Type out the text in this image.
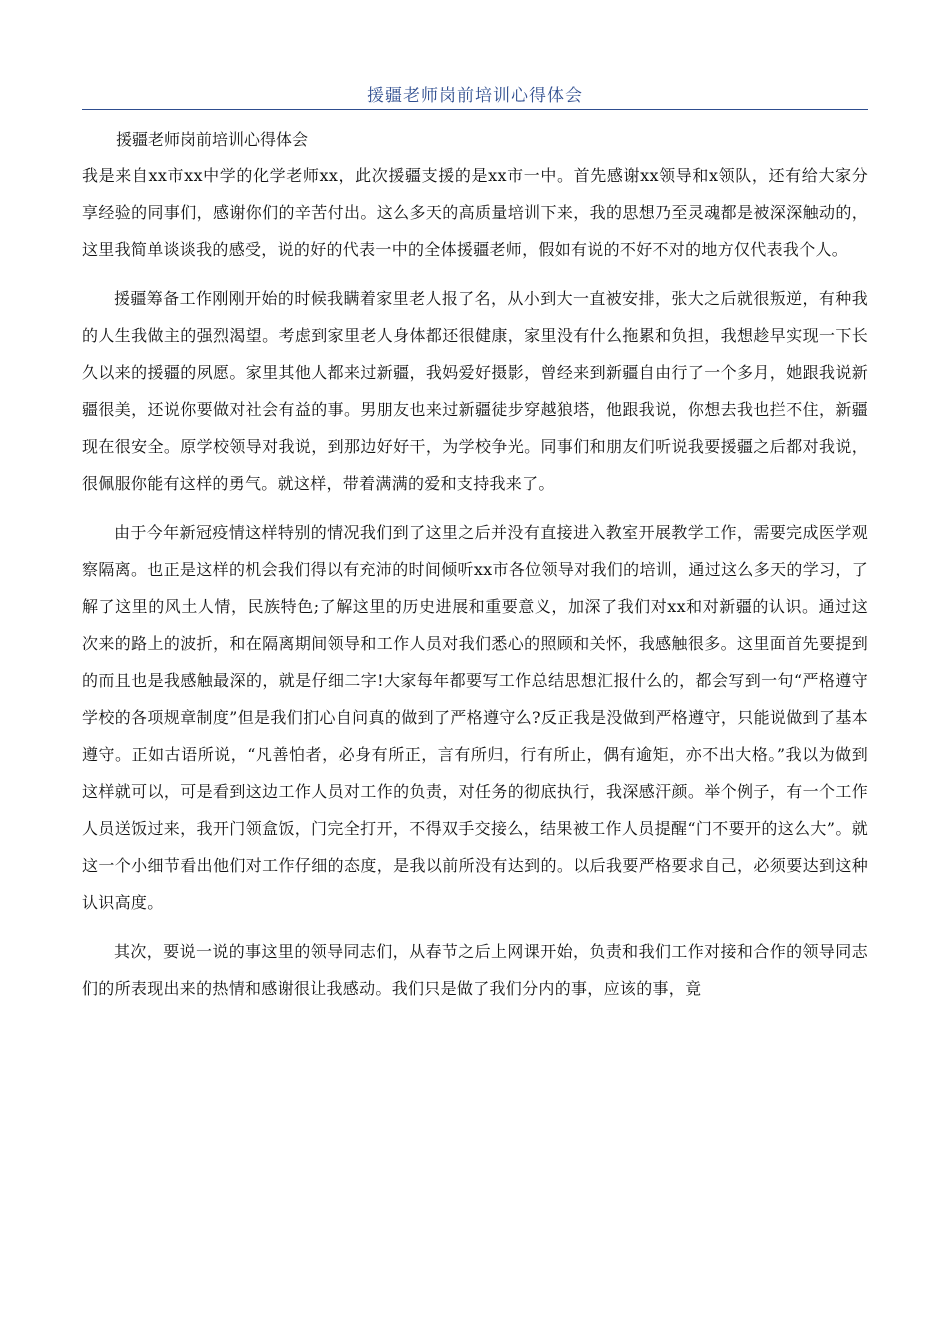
援疆老师岗前培训心得体会
援疆老师岗前培训心得体会

我是来自xx市xx中学的化学老师xx，此次援疆支援的是xx市一中。首先感谢xx领导和x领队，还有给大家分享经验的同事们，感谢你们的辛苦付出。这么多天的高质量培训下来，我的思想乃至灵魂都是被深深触动的，这里我简单谈谈我的感受，说的好的代表一中的全体援疆老师，假如有说的不好不对的地方仅代表我个人。

援疆筹备工作刚刚开始的时候我瞒着家里老人报了名，从小到大一直被安排，张大之后就很叛逆，有种我的人生我做主的强烈渴望。考虑到家里老人身体都还很健康，家里没有什么拖累和负担，我想趁早实现一下长久以来的援疆的夙愿。家里其他人都来过新疆，我妈爱好摄影，曾经来到新疆自由行了一个多月，她跟我说新疆很美，还说你要做对社会有益的事。男朋友也来过新疆徒步穿越狼塔，他跟我说，你想去我也拦不住，新疆现在很安全。原学校领导对我说，到那边好好干，为学校争光。同事们和朋友们听说我要援疆之后都对我说，很佩服你能有这样的勇气。就这样，带着满满的爱和支持我来了。

由于今年新冠疫情这样特别的情况我们到了这里之后并没有直接进入教室开展教学工作，需要完成医学观察隔离。也正是这样的机会我们得以有充沛的时间倾听xx市各位领导对我们的培训，通过这么多天的学习，了解了这里的风土人情，民族特色;了解这里的历史进展和重要意义，加深了我们对xx和对新疆的认识。通过这次来的路上的波折，和在隔离期间领导和工作人员对我们悉心的照顾和关怀，我感触很多。这里面首先要提到的而且也是我感触最深的，就是仔细二字!大家每年都要写工作总结思想汇报什么的，都会写到一句“严格遵守学校的各项规章制度”但是我们扪心自问真的做到了严格遵守么?反正我是没做到严格遵守，只能说做到了基本遵守。正如古语所说，“凡善怕者，必身有所正，言有所归，行有所止，偶有逾矩，亦不出大格。”我以为做到这样就可以，可是看到这边工作人员对工作的负责，对任务的彻底执行，我深感汗颜。举个例子，有一个工作人员送饭过来，我开门领盒饭，门完全打开，不得双手交接么，结果被工作人员提醒“门不要开的这么大”。就这一个小细节看出他们对工作仔细的态度，是我以前所没有达到的。以后我要严格要求自己，必须要达到这种认识高度。

其次，要说一说的事这里的领导同志们，从春节之后上网课开始，负责和我们工作对接和合作的领导同志们的所表现出来的热情和感谢很让我感动。我们只是做了我们分内的事，应该的事，竟
